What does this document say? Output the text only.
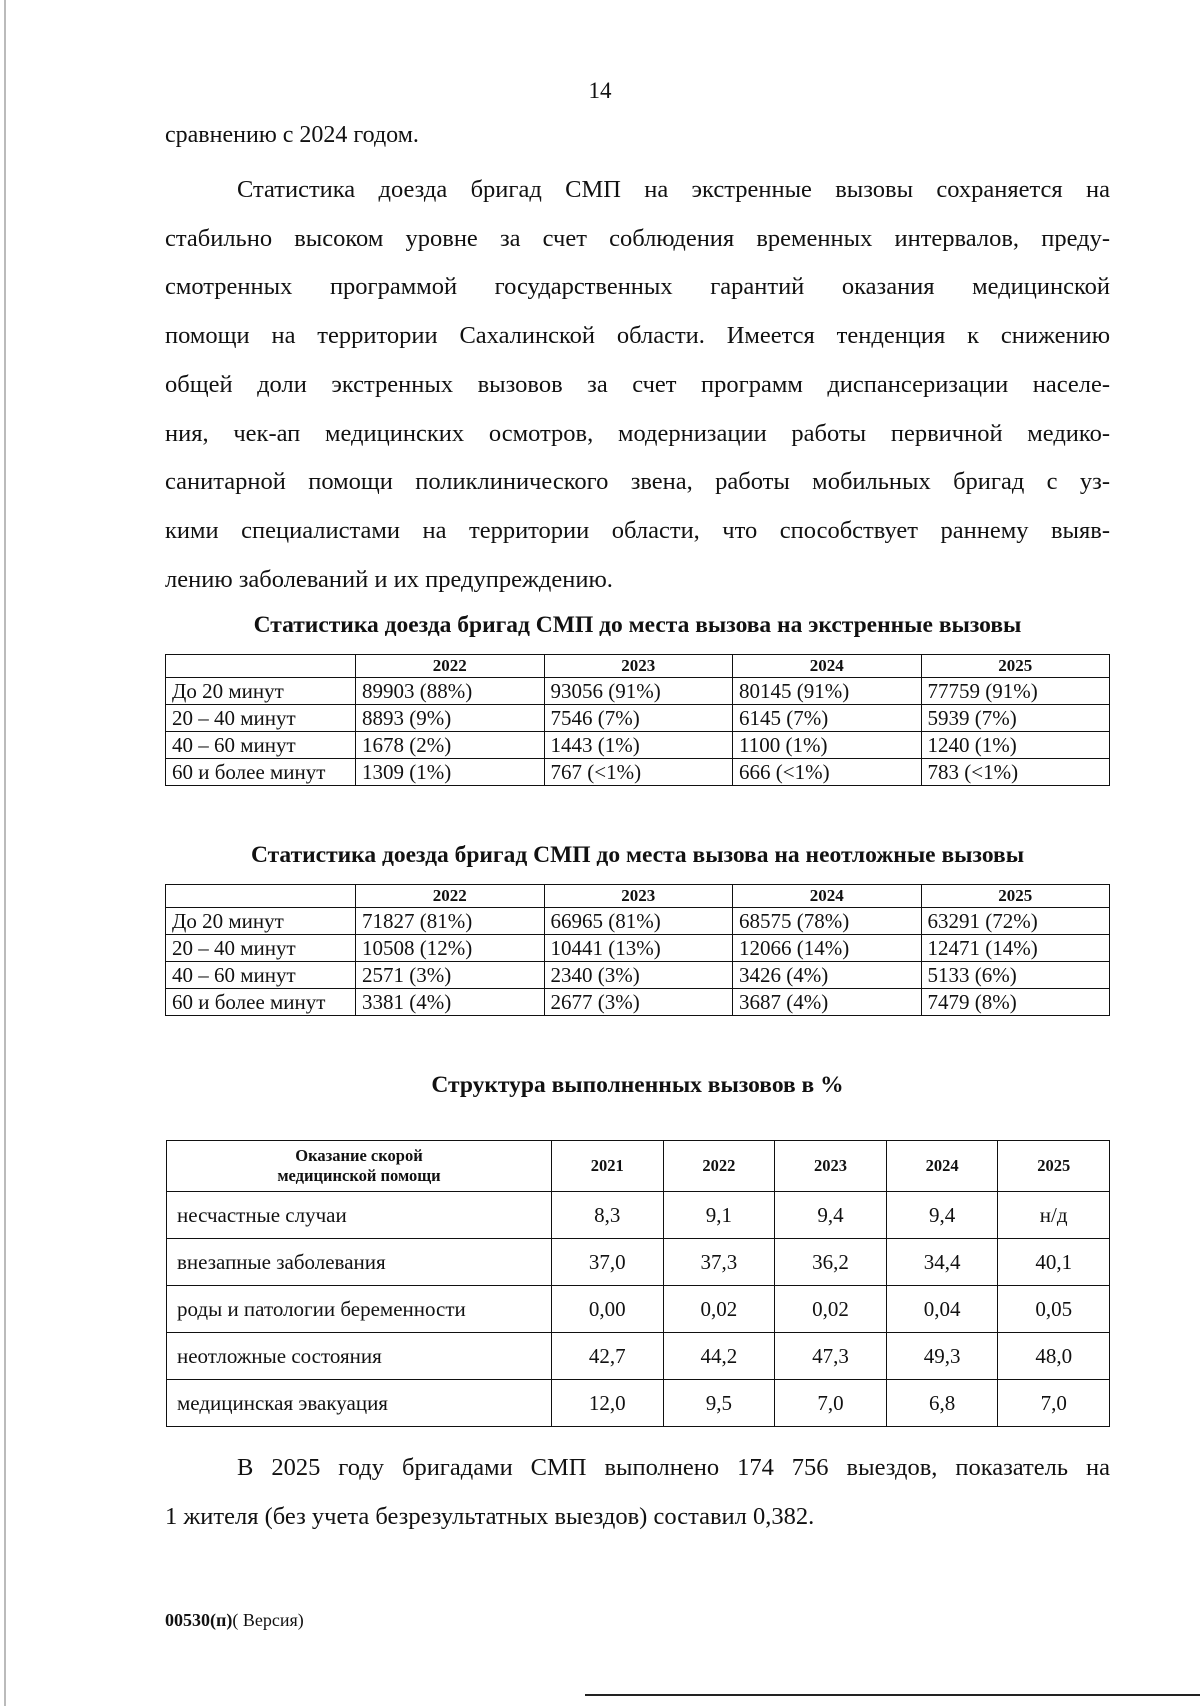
14
сравнению с 2024 годом.
Статистика доезда бригад СМП на экстренные вызовы сохраняется на
стабильно высоком уровне за счет соблюдения временных интервалов, преду-
смотренных программой государственных гарантий оказания медицинской
помощи на территории Сахалинской области. Имеется тенденция к снижению
общей доли экстренных вызовов за счет программ диспансеризации населе-
ния, чек-ап медицинских осмотров, модернизации работы первичной медико-
санитарной помощи поликлинического звена, работы мобильных бригад с уз-
кими специалистами на территории области, что способствует раннему выяв-
лению заболеваний и их предупреждению.
Статистика доезда бригад СМП до места вызова на экстренные вызовы
	2022	2023	2024	2025
До 20 минут	89903 (88%)	93056 (91%)	80145 (91%)	77759 (91%)
20 – 40 минут	8893 (9%)	7546 (7%)	6145 (7%)	5939 (7%)
40 – 60 минут	1678 (2%)	1443 (1%)	1100 (1%)	1240 (1%)
60 и более минут	1309 (1%)	767 (<1%)	666 (<1%)	783 (<1%)
Статистика доезда бригад СМП до места вызова на неотложные вызовы
	2022	2023	2024	2025
До 20 минут	71827 (81%)	66965 (81%)	68575 (78%)	63291 (72%)
20 – 40 минут	10508 (12%)	10441 (13%)	12066 (14%)	12471 (14%)
40 – 60 минут	2571 (3%)	2340 (3%)	3426 (4%)	5133 (6%)
60 и более минут	3381 (4%)	2677 (3%)	3687 (4%)	7479 (8%)
Структура выполненных вызовов в %
Оказание скорой
медицинской помощи	2021	2022	2023	2024	2025
несчастные случаи	8,3	9,1	9,4	9,4	н/д
внезапные заболевания	37,0	37,3	36,2	34,4	40,1
роды и патологии беременности	0,00	0,02	0,02	0,04	0,05
неотложные состояния	42,7	44,2	47,3	49,3	48,0
медицинская эвакуация	12,0	9,5	7,0	6,8	7,0
В 2025 году бригадами СМП выполнено 174 756 выездов, показатель на
1 жителя (без учета безрезультатных выездов) составил 0,382.
00530(п)( Версия)
